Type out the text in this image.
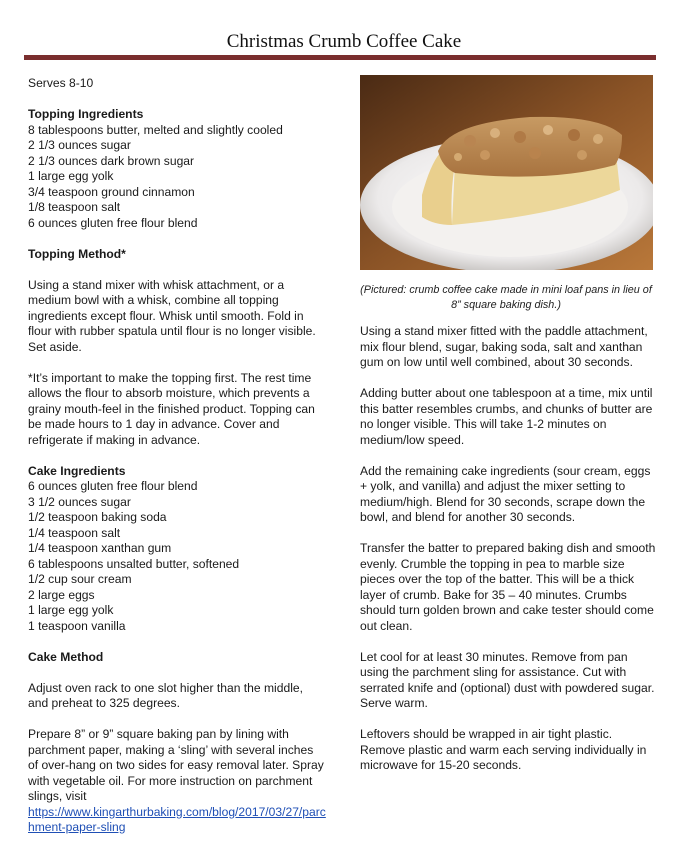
Christmas Crumb Coffee Cake

Serves 8-10

Topping Ingredients
8 tablespoons butter, melted and slightly cooled
2 1/3 ounces sugar
2 1/3 ounces dark brown sugar
1 large egg yolk
3/4 teaspoon ground cinnamon
1/8 teaspoon salt
6 ounces gluten free flour blend

Topping Method*

Using a stand mixer with whisk attachment, or a medium bowl with a whisk, combine all topping ingredients except flour. Whisk until smooth. Fold in flour with rubber spatula until flour is no longer visible. Set aside.

*It’s important to make the topping first. The rest time allows the flour to absorb moisture, which prevents a grainy mouth-feel in the finished product. Topping can be made hours to 1 day in advance. Cover and refrigerate if making in advance.

Cake Ingredients
6 ounces gluten free flour blend
3 1/2 ounces sugar
1/2 teaspoon baking soda
1/4 teaspoon salt
1/4 teaspoon xanthan gum
6 tablespoons unsalted butter, softened
1/2 cup sour cream
2 large eggs
1 large egg yolk
1 teaspoon vanilla

Cake Method

Adjust oven rack to one slot higher than the middle, and preheat to 325 degrees.

Prepare 8” or 9” square baking pan by lining with parchment paper, making a ‘sling’ with several inches of over-hang on two sides for easy removal later. Spray with vegetable oil. For more instruction on parchment slings, visit

https://www.kingarthurbaking.com/blog/2017/03/27/parchment-paper-sling
(Pictured: crumb coffee cake made in mini loaf pans in lieu of 8” square baking dish.)

Using a stand mixer fitted with the paddle attachment, mix flour blend, sugar, baking soda, salt and xanthan gum on low until well combined, about 30 seconds.

Adding butter about one tablespoon at a time, mix until this batter resembles crumbs, and chunks of butter are no longer visible. This will take 1-2 minutes on medium/low speed.

Add the remaining cake ingredients (sour cream, eggs + yolk, and vanilla) and adjust the mixer setting to medium/high. Blend for 30 seconds, scrape down the bowl, and blend for another 30 seconds.

Transfer the batter to prepared baking dish and smooth evenly. Crumble the topping in pea to marble size pieces over the top of the batter. This will be a thick layer of crumb. Bake for 35 – 40 minutes. Crumbs should turn golden brown and cake tester should come out clean.

Let cool for at least 30 minutes. Remove from pan using the parchment sling for assistance. Cut with serrated knife and (optional) dust with powdered sugar. Serve warm.

Leftovers should be wrapped in air tight plastic. Remove plastic and warm each serving individually in microwave for 15-20 seconds.
